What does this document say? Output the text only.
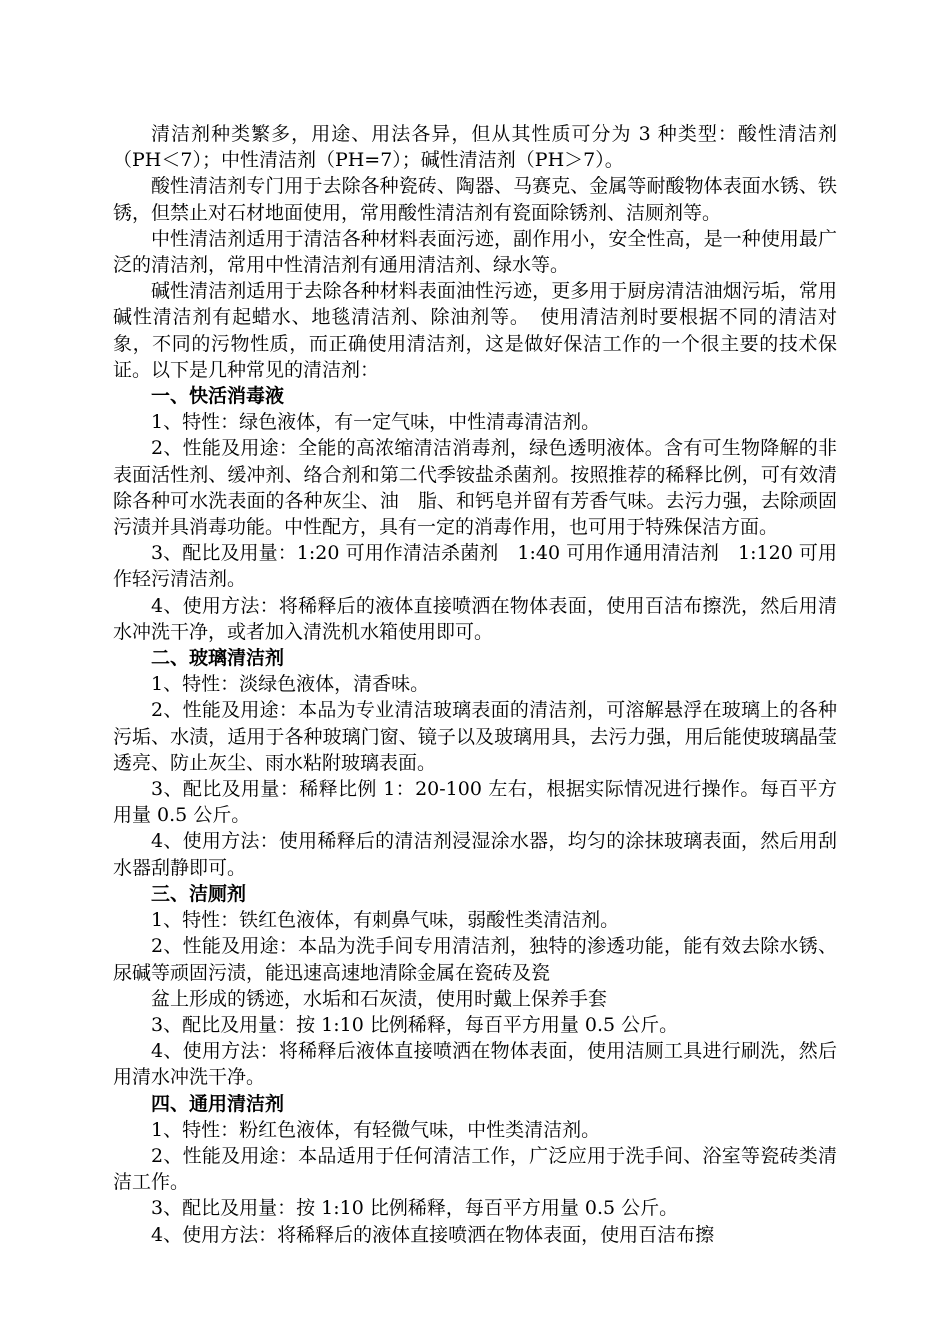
清洁剂种类繁多，用途、用法各异，但从其性质可分为 3 种类型：酸性清洁剂（PH＜7）；中性清洁剂（PH=7）；碱性清洁剂（PH＞7）。

酸性清洁剂专门用于去除各种瓷砖、陶器、马赛克、金属等耐酸物体表面水锈、铁锈，但禁止对石材地面使用，常用酸性清洁剂有瓷面除锈剂、洁厕剂等。

中性清洁剂适用于清洁各种材料表面污迹，副作用小，安全性高，是一种使用最广泛的清洁剂，常用中性清洁剂有通用清洁剂、绿水等。

碱性清洁剂适用于去除各种材料表面油性污迹，更多用于厨房清洁油烟污垢，常用碱性清洁剂有起蜡水、地毯清洁剂、除油剂等。　使用清洁剂时要根据不同的清洁对象，不同的污物性质，而正确使用清洁剂，这是做好保洁工作的一个很主要的技术保证。以下是几种常见的清洁剂：

一、快活消毒液

1、特性：绿色液体，有一定气味，中性清毒清洁剂。

2、性能及用途：全能的高浓缩清洁消毒剂，绿色透明液体。含有可生物降解的非表面活性剂、缓冲剂、络合剂和第二代季铵盐杀菌剂。按照推荐的稀释比例，可有效清除各种可水洗表面的各种灰尘、油　脂、和钙皂并留有芳香气味。去污力强，去除顽固污渍并具消毒功能。中性配方，具有一定的消毒作用，也可用于特殊保洁方面。

3、配比及用量：1:20 可用作清洁杀菌剂　1:40 可用作通用清洁剂　1:120 可用作轻污清洁剂。

4、使用方法：将稀释后的液体直接喷洒在物体表面，使用百洁布擦洗，然后用清水冲洗干净，或者加入清洗机水箱使用即可。

二、玻璃清洁剂

1、特性：淡绿色液体，清香味。

2、性能及用途：本品为专业清洁玻璃表面的清洁剂，可溶解悬浮在玻璃上的各种污垢、水渍，适用于各种玻璃门窗、镜子以及玻璃用具，去污力强，用后能使玻璃晶莹透亮、防止灰尘、雨水粘附玻璃表面。

3、配比及用量：稀释比例 1：20-100 左右，根据实际情况进行操作。每百平方用量 0.5 公斤。

4、使用方法：使用稀释后的清洁剂浸湿涂水器，均匀的涂抹玻璃表面，然后用刮水器刮静即可。

三、洁厕剂

1、特性：铁红色液体，有刺鼻气味，弱酸性类清洁剂。

2、性能及用途：本品为洗手间专用清洁剂，独特的渗透功能，能有效去除水锈、尿碱等顽固污渍，能迅速高速地清除金属在瓷砖及瓷

盆上形成的锈迹，水垢和石灰渍，使用时戴上保养手套

3、配比及用量：按 1:10 比例稀释，每百平方用量 0.5 公斤。

4、使用方法：将稀释后液体直接喷洒在物体表面，使用洁厕工具进行刷洗，然后用清水冲洗干净。

四、通用清洁剂

1、特性：粉红色液体，有轻微气味，中性类清洁剂。

2、性能及用途：本品适用于任何清洁工作，广泛应用于洗手间、浴室等瓷砖类清洁工作。

3、配比及用量：按 1:10 比例稀释，每百平方用量 0.5 公斤。

4、使用方法：将稀释后的液体直接喷洒在物体表面，使用百洁布擦
